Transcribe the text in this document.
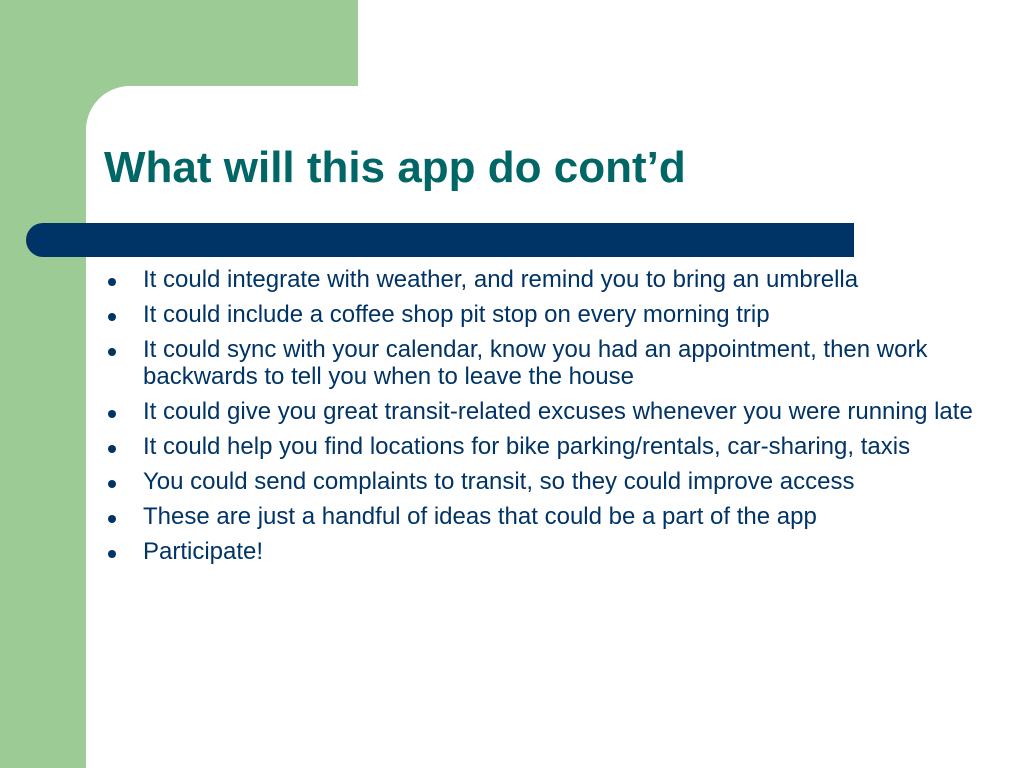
What will this app do cont’d
It could integrate with weather, and remind you to bring an umbrella
It could include a coffee shop pit stop on every morning trip
It could sync with your calendar, know you had an appointment, then work backwards to tell you when to leave the house
It could give you great transit-related excuses whenever you were running late
It could help you find locations for bike parking/rentals, car-sharing, taxis
You could send complaints to transit, so they could improve access
These are just a handful of ideas that could be a part of the app
Participate!
